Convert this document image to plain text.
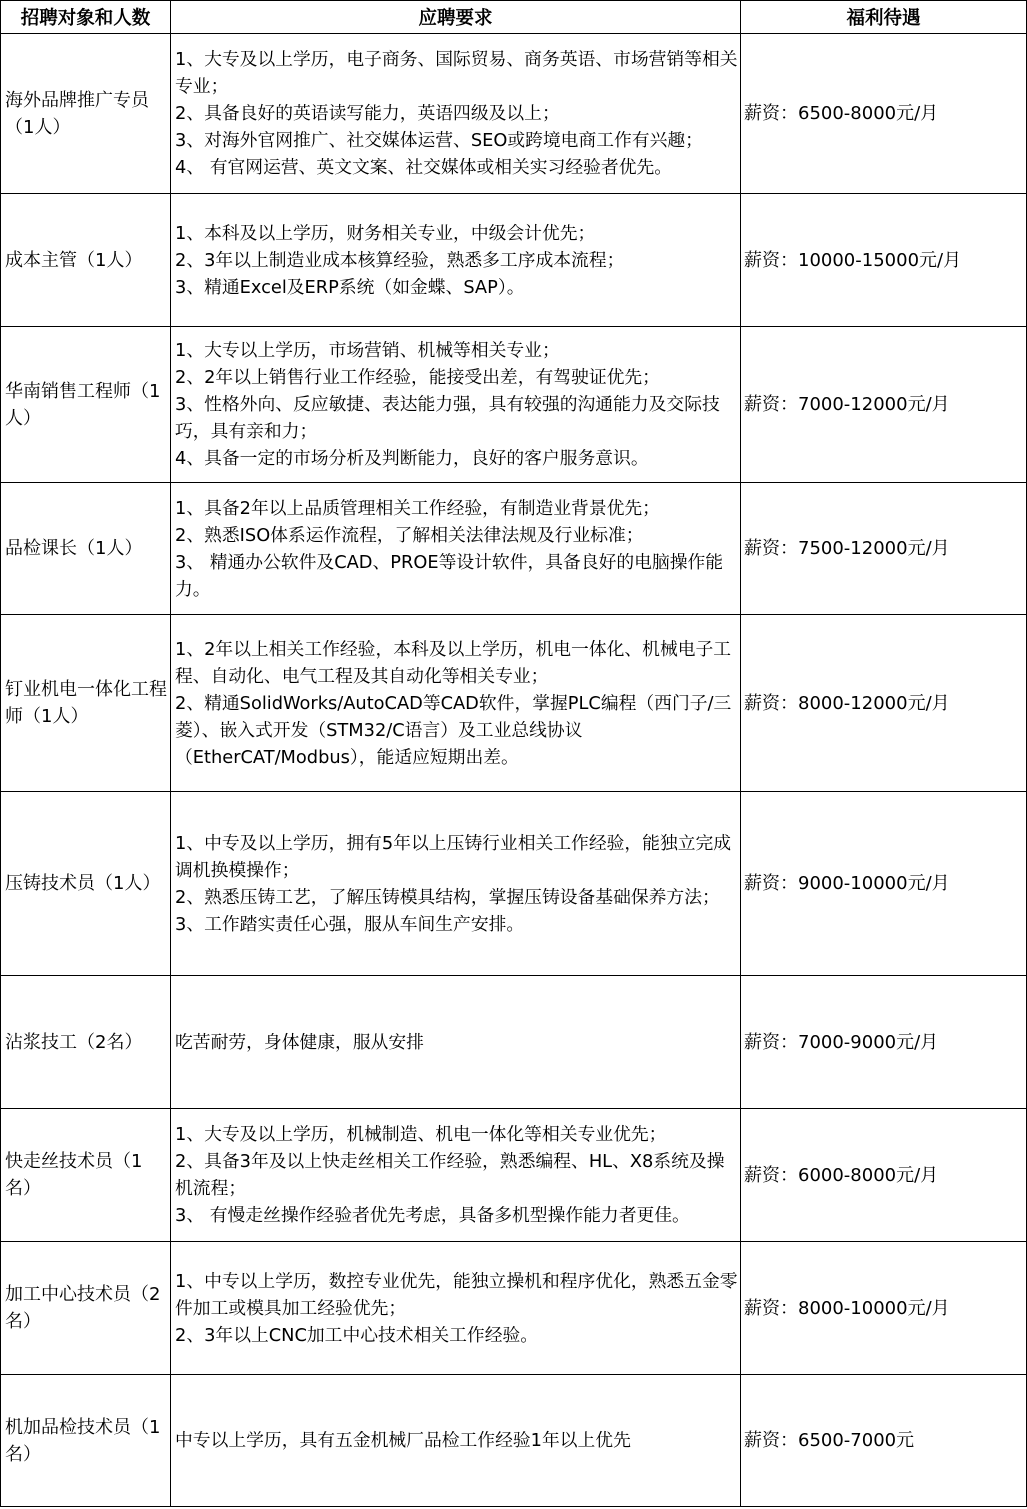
招聘对象和人数	应聘要求	福利待遇
海外品牌推广专员（1人）	1、大专及以上学历，电子商务、国际贸易、商务英语、市场营销等相关专业；
2、具备良好的英语读写能力，英语四级及以上；
3、对海外官网推广、社交媒体运营、SEO或跨境电商工作有兴趣；
4、 有官网运营、英文文案、社交媒体或相关实习经验者优先。	薪资：6500-8000元/月
成本主管（1人）	1、本科及以上学历，财务相关专业，中级会计优先；
2、3年以上制造业成本核算经验，熟悉多工序成本流程；
3、精通Excel及ERP系统（如金蝶、SAP）。	薪资：10000-15000元/月
华南销售工程师（1人）	1、大专以上学历，市场营销、机械等相关专业；
2、2年以上销售行业工作经验，能接受出差，有驾驶证优先；
3、性格外向、反应敏捷、表达能力强，具有较强的沟通能力及交际技巧，具有亲和力；
4、具备一定的市场分析及判断能力，良好的客户服务意识。	薪资：7000-12000元/月
品检课长（1人）	1、具备2年以上品质管理相关工作经验，有制造业背景优先；
2、熟悉ISO体系运作流程，了解相关法律法规及行业标准；
3、 精通办公软件及CAD、PROE等设计软件，具备良好的电脑操作能力。	薪资：7500-12000元/月
钉业机电一体化工程师（1人）	1、2年以上相关工作经验，本科及以上学历，机电一体化、机械电子工程、自动化、电气工程及其自动化等相关专业；
2、精通SolidWorks/AutoCAD等CAD软件，掌握PLC编程（西门子/三菱）、嵌入式开发（STM32/C语言）及工业总线协议（EtherCAT/Modbus），能适应短期出差。	薪资：8000-12000元/月
压铸技术员（1人）	1、中专及以上学历，拥有5年以上压铸行业相关工作经验，能独立完成调机换模操作；
2、熟悉压铸工艺，了解压铸模具结构，掌握压铸设备基础保养方法；
3、工作踏实责任心强，服从车间生产安排。	薪资：9000-10000元/月
沾浆技工（2名）	吃苦耐劳，身体健康，服从安排	薪资：7000-9000元/月
快走丝技术员（1名）	1、大专及以上学历，机械制造、机电一体化等相关专业优先；
2、具备3年及以上快走丝相关工作经验，熟悉编程、HL、X8系统及操机流程；
3、 有慢走丝操作经验者优先考虑，具备多机型操作能力者更佳。	薪资：6000-8000元/月
加工中心技术员（2名）	1、中专以上学历，数控专业优先，能独立操机和程序优化，熟悉五金零件加工或模具加工经验优先；
2、3年以上CNC加工中心技术相关工作经验。	薪资：8000-10000元/月
机加品检技术员（1名）	中专以上学历，具有五金机械厂品检工作经验1年以上优先	薪资：6500-7000元
